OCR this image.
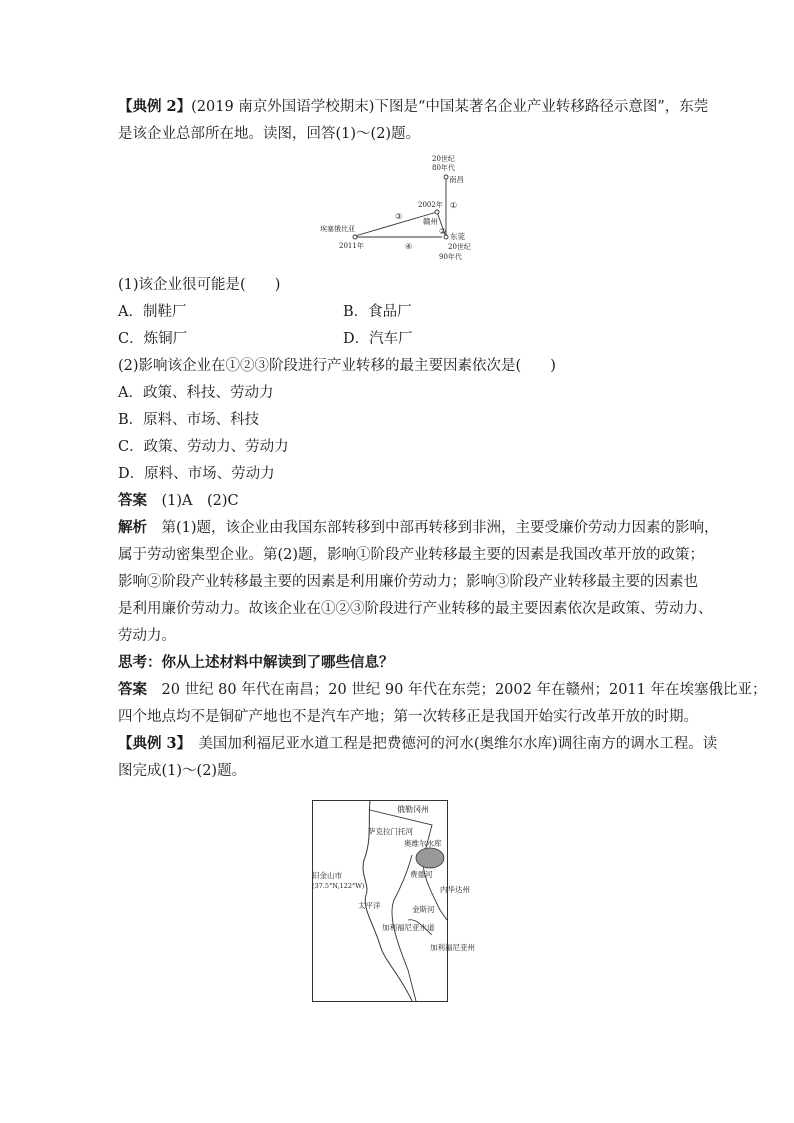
【典例 2】(2019 南京外国语学校期末)下图是“中国某著名企业产业转移路径示意图”，东莞
是该企业总部所在地。读图，回答(1)～(2)题。
20世纪
80年代
南昌
①
2002年
赣州
③
②
东莞
埃塞俄比亚
2011年	④	20世纪
90年代
(1)该企业很可能是(　　)
A．制鞋厂	B．食品厂
C．炼铜厂	D．汽车厂
(2)影响该企业在①②③阶段进行产业转移的最主要因素依次是(　　)
A．政策、科技、劳动力
B．原料、市场、科技
C．政策、劳动力、劳动力
D．原料、市场、劳动力
答案　 (1)A　(2)C
解析　 第(1)题，该企业由我国东部转移到中部再转移到非洲，主要受廉价劳动力因素的影响，
属于劳动密集型企业。第(2)题，影响①阶段产业转移最主要的因素是我国改革开放的政策；
影响②阶段产业转移最主要的因素是利用廉价劳动力；影响③阶段产业转移最主要的因素也
是利用廉价劳动力。故该企业在①②③阶段进行产业转移的最主要因素依次是政策、劳动力、
劳动力。
思考：你从上述材料中解读到了哪些信息？
答案　 20 世纪 80 年代在南昌；20 世纪 90 年代在东莞；2002 年在赣州；2011 年在埃塞俄比亚；
四个地点均不是铜矿产地也不是汽车产地；第一次转移正是我国开始实行改革开放的时期。
【典例 3】　 美国加利福尼亚水道工程是把费德河的河水(奥维尔水库)调往南方的调水工程。读
图完成(1)～(2)题。
俄勒冈州
奥维尔水库
萨克拉门托河
费德河
旧金山市
(37.5°N,122°W)
太平洋
内华达州
加利福尼亚水道
金斯河
加利福尼亚州
